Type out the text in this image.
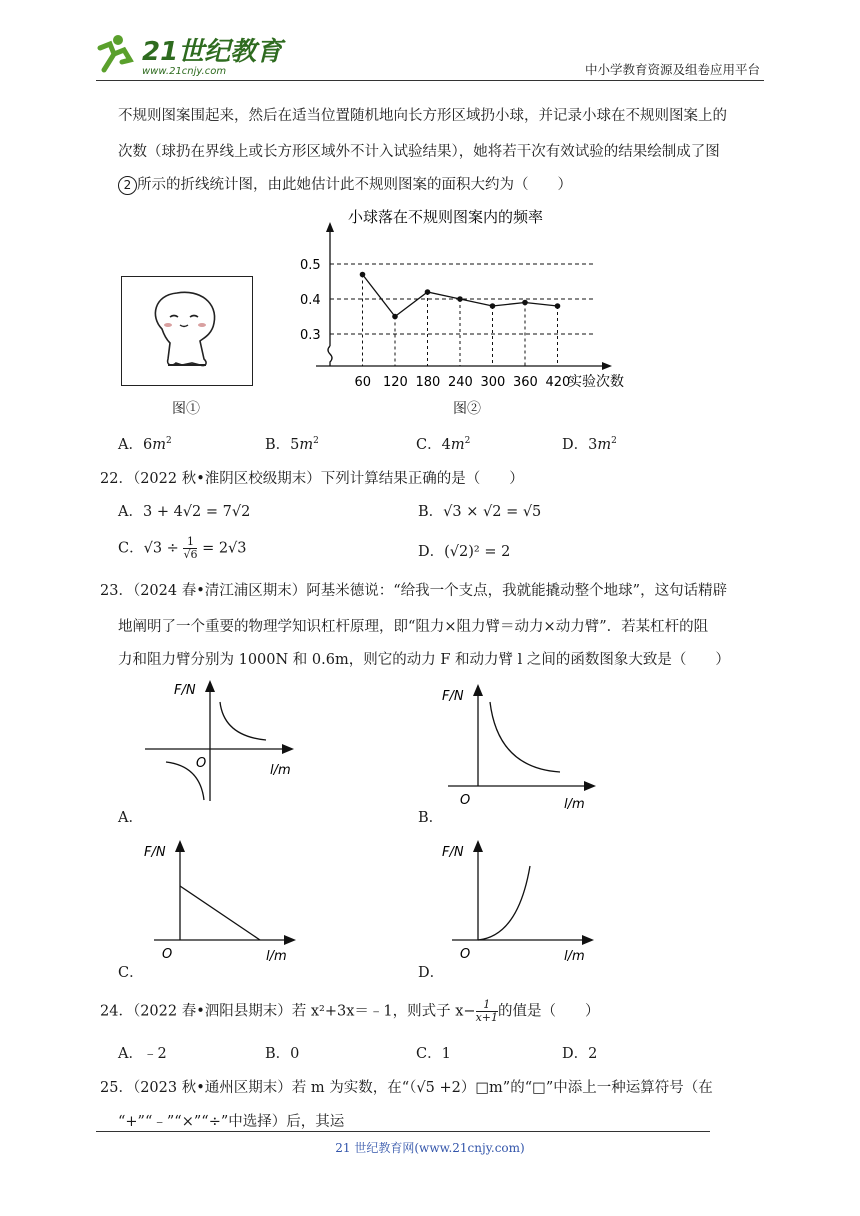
21世纪教育
www.21cnjy.com	中小学教育资源及组卷应用平台
不规则图案围起来，然后在适当位置随机地向长方形区域扔小球，并记录小球在不规则图案上的
次数（球扔在界线上或长方形区域外不计入试验结果），她将若干次有效试验的结果绘制成了图
2 所示的折线统计图，由此她估计此不规则图案的面积大约为（　　）
图①
小球落在不规则图案内的频率
实验次数
0.3
0.4
0.5
60 120 180 240 300 360 420
图②
A．$6m^2$	B．$5m^2$	C．$4m^2$	D．$3m^2$
22．（2022 秋•淮阴区校级期末）下列计算结果正确的是（　　）
A．3 + 4√2 = 7√2	B．√3 × √2 = √5
C．$√3 \div \frac{1}{√6} = 2√3$	D．(√2)² = 2
23．（2024 春•清江浦区期末）阿基米德说：“给我一个支点，我就能撬动整个地球”，这句话精辟
地阐明了一个重要的物理学知识杠杆原理，即“阻力×阻力臂＝动力×动力臂”．若某杠杆的阻
力和阻力臂分别为 1000N 和 0.6m，则它的动力 F 和动力臂 l 之间的函数图象大致是（　　）
F/N
O	l/m
A．
F/N
O	l/m
B．
F/N
O	l/m
C．
F/N
O	l/m
D．
24．（2022 春•泗阳县期末）若 x²+3x＝﹣1，则式子 $x- \frac{1}{x+1}$ 的值是（　　）
A．﹣2	B．0	C．1	D．2
25．（2023 秋•通州区期末）若 m 为实数，在“（√5 +2）□m”的“□”中添上一种运算符号（在
“+”“﹣”“×”“÷”中选择）后，其运
21 世纪教育网(www.21cnjy.com)
